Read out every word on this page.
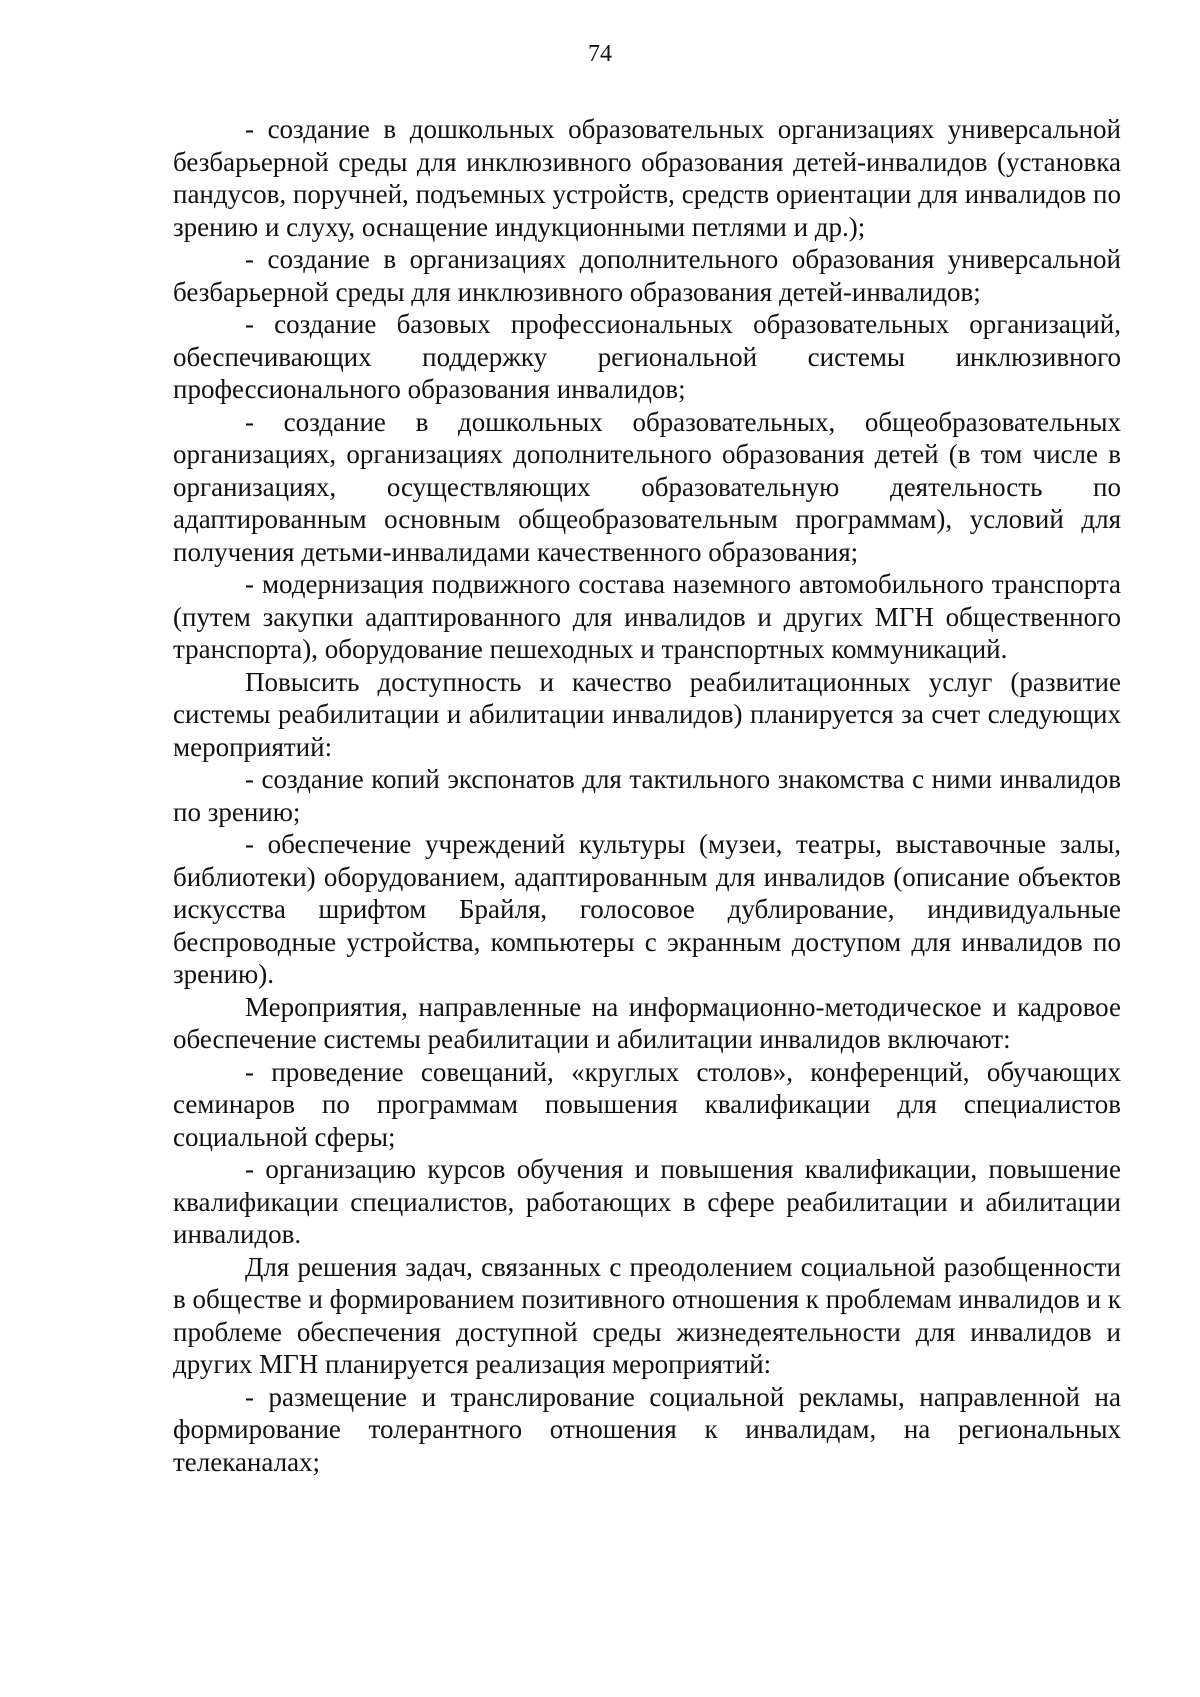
74

- создание в дошкольных образовательных организациях универсальной безбарьерной среды для инклюзивного образования детей-инвалидов (установка пандусов, поручней, подъемных устройств, средств ориентации для инвалидов по зрению и слуху, оснащение индукционными петлями и др.);

- создание в организациях дополнительного образования универсальной безбарьерной среды для инклюзивного образования детей-инвалидов;

- создание базовых профессиональных образовательных организаций, обеспечивающих поддержку региональной системы инклюзивного профессионального образования инвалидов;

- создание в дошкольных образовательных, общеобразовательных организациях, организациях дополнительного образования детей (в том числе в организациях, осуществляющих образовательную деятельность по адаптированным основным общеобразовательным программам), условий для получения детьми-инвалидами качественного образования;

- модернизация подвижного состава наземного автомобильного транспорта (путем закупки адаптированного для инвалидов и других МГН общественного транспорта), оборудование пешеходных и транспортных коммуникаций.

Повысить доступность и качество реабилитационных услуг (развитие системы реабилитации и абилитации инвалидов) планируется за счет следующих мероприятий:

- создание копий экспонатов для тактильного знакомства с ними инвалидов по зрению;

- обеспечение учреждений культуры (музеи, театры, выставочные залы, библиотеки) оборудованием, адаптированным для инвалидов (описание объектов искусства шрифтом Брайля, голосовое дублирование, индивидуальные беспроводные устройства, компьютеры с экранным доступом для инвалидов по зрению).

Мероприятия, направленные на информационно-методическое и кадровое обеспечение системы реабилитации и абилитации инвалидов включают:

- проведение совещаний, «круглых столов», конференций, обучающих семинаров по программам повышения квалификации для специалистов социальной сферы;

- организацию курсов обучения и повышения квалификации, повышение квалификации специалистов, работающих в сфере реабилитации и абилитации инвалидов.

Для решения задач, связанных с преодолением социальной разобщенности в обществе и формированием позитивного отношения к проблемам инвалидов и к проблеме обеспечения доступной среды жизнедеятельности для инвалидов и других МГН планируется реализация мероприятий:

- размещение и транслирование социальной рекламы, направленной на формирование толерантного отношения к инвалидам, на региональных телеканалах;
